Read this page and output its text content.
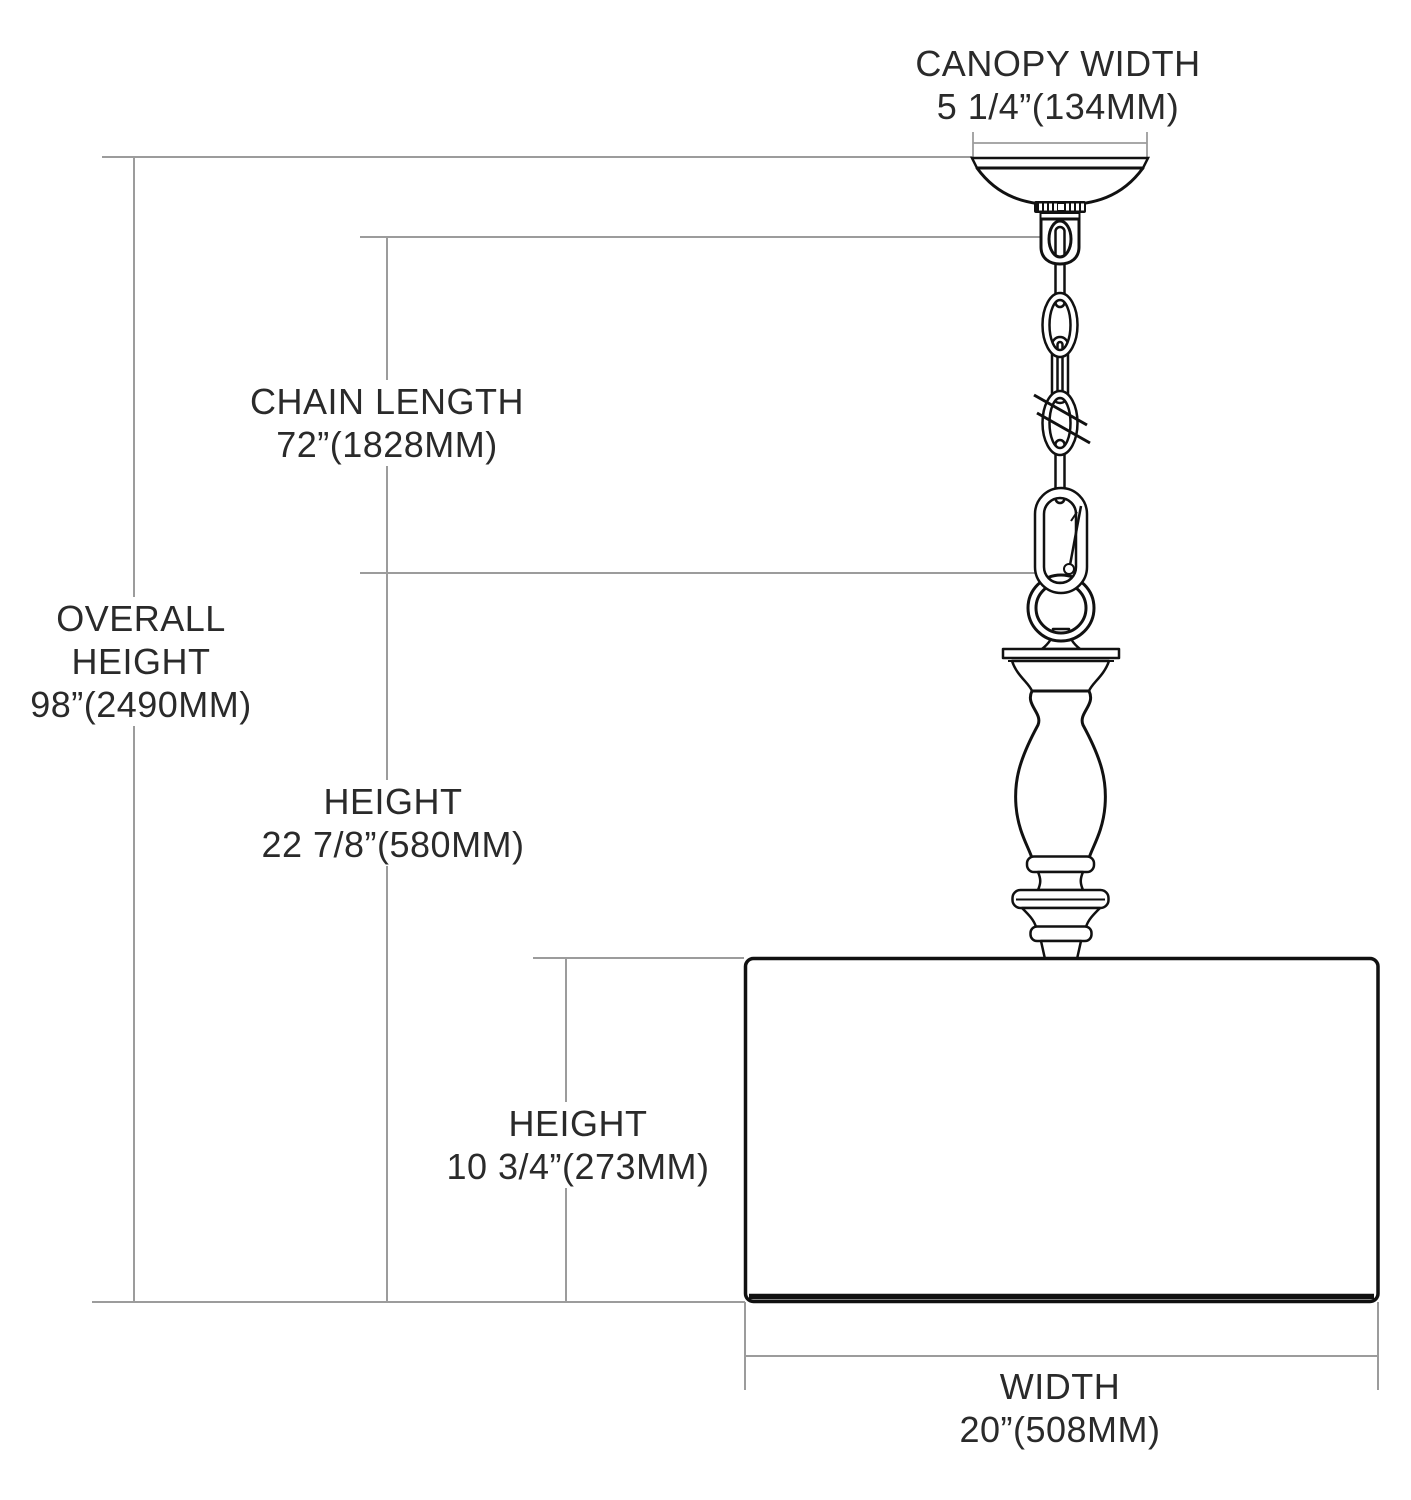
CANOPY WIDTH
5 1/4”(134MM)
CHAIN LENGTH
72”(1828MM)
OVERALL
HEIGHT
98”(2490MM)
HEIGHT
22 7/8”(580MM)
HEIGHT
10 3/4”(273MM)
WIDTH
20”(508MM)
